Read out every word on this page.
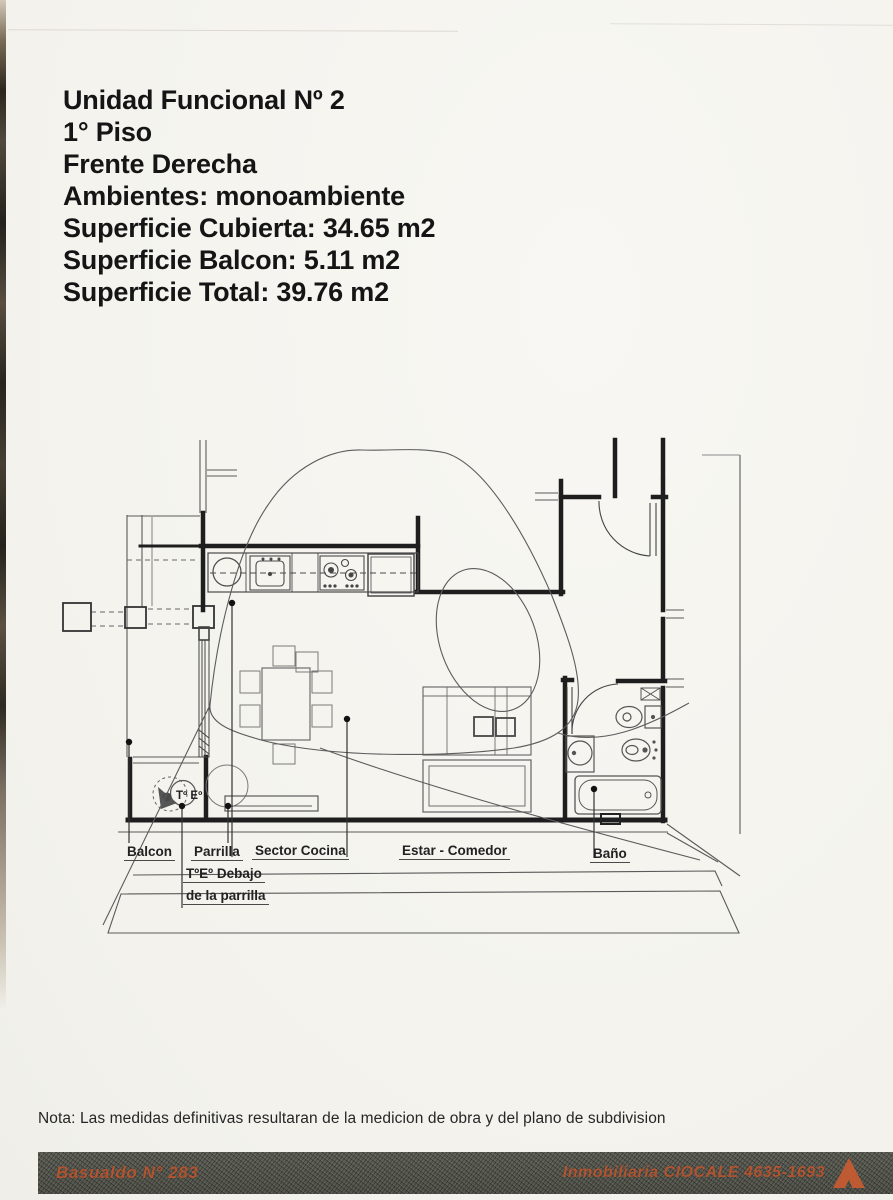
Unidad Funcional Nº 2
1° Piso
Frente Derecha
Ambientes: monoambiente
Superficie Cubierta: 34.65 m2
Superficie Balcon: 5.11 m2
Superficie Total: 39.76 m2
Tº Eº
Balcon Parrilla Sector Cocina	Estar - Comedor	Baño
TºEº Debajo
de la parrilla
Nota: Las medidas definitivas resultaran de la medicion de obra y del plano de subdivision
Basualdo N° 283	Inmobiliaria CIOCALE 4635-1693
